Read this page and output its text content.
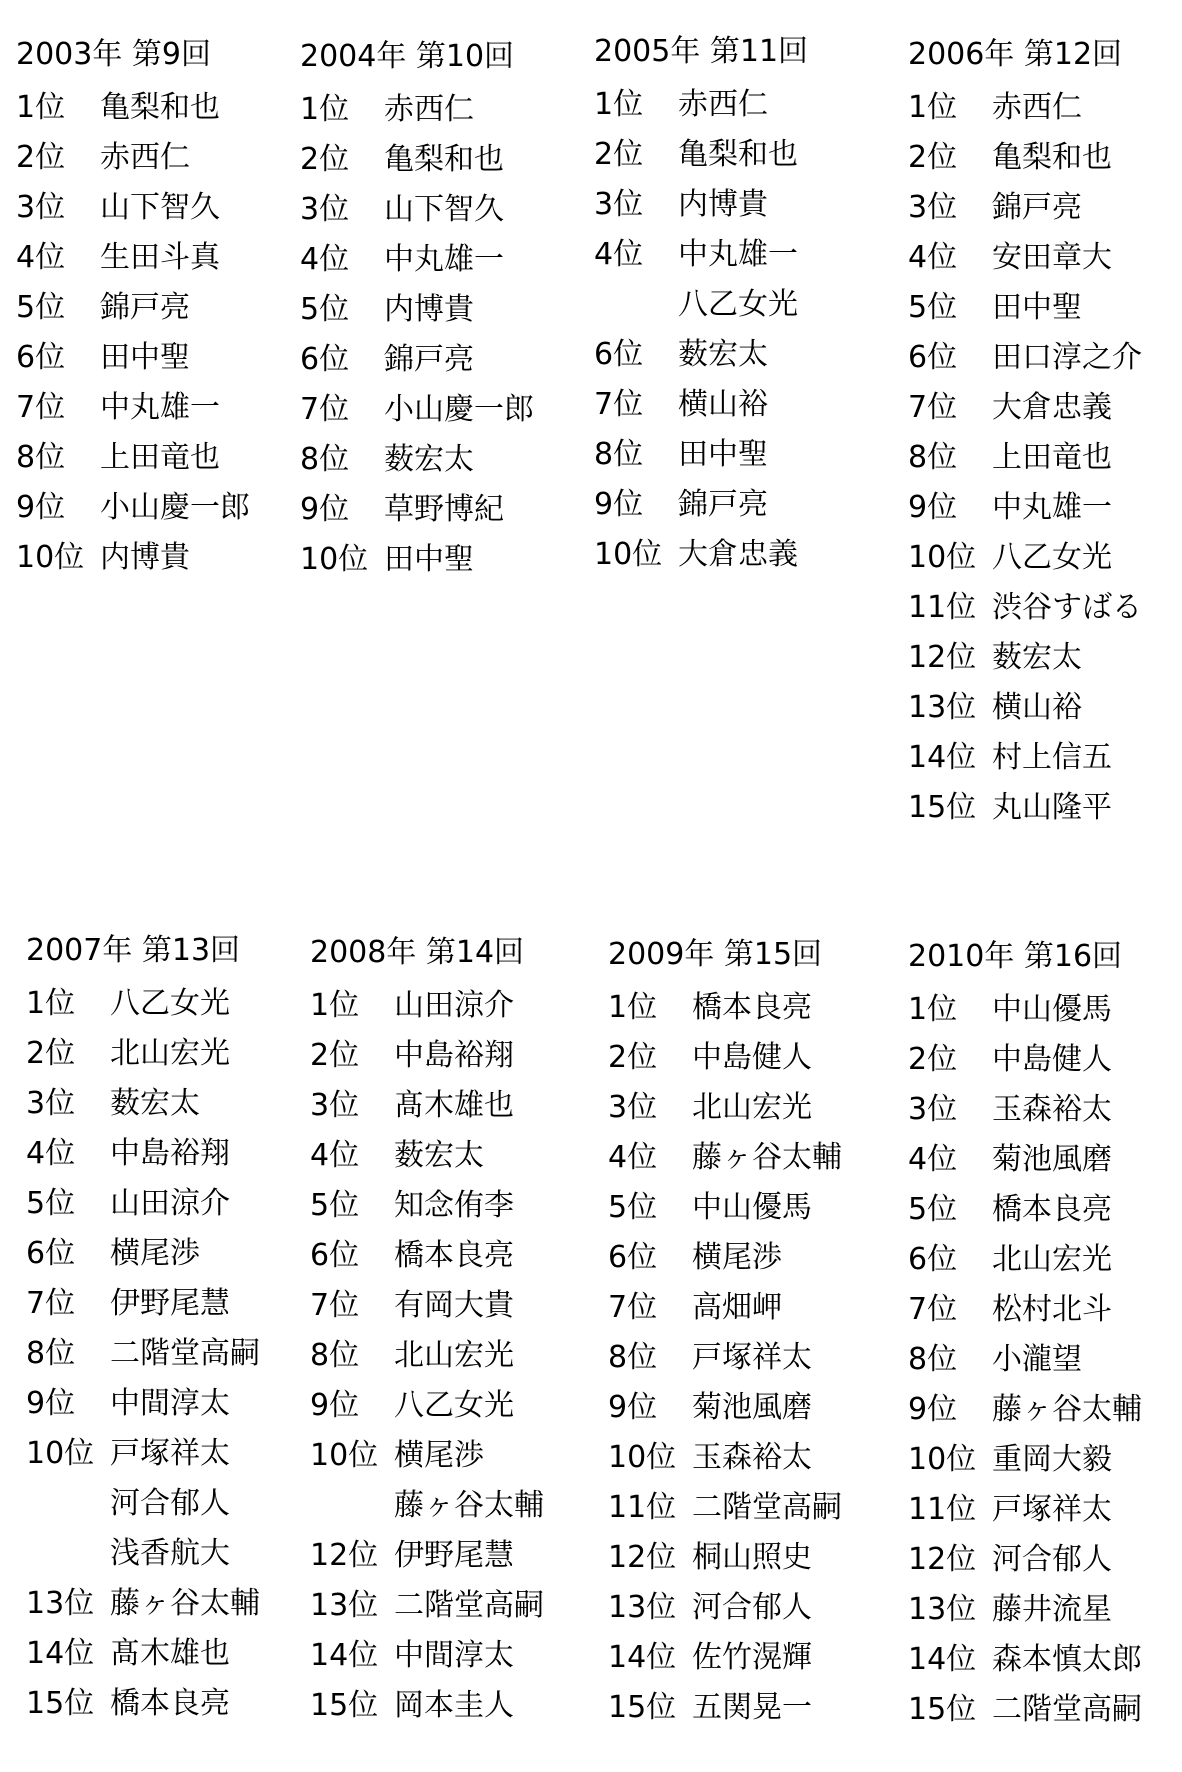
2003年 第9回
1位	亀梨和也
2位	赤西仁
3位	山下智久
4位	生田斗真
5位	錦戸亮
6位	田中聖
7位	中丸雄一
8位	上田竜也
9位	小山慶一郎
10位 内博貴
2004年 第10回
1位	赤西仁
2位	亀梨和也
3位	山下智久
4位	中丸雄一
5位	内博貴
6位	錦戸亮
7位	小山慶一郎
8位	薮宏太
9位	草野博紀
10位 田中聖
2005年 第11回
1位	赤西仁
2位	亀梨和也
3位	内博貴
4位	中丸雄一
八乙女光
6位	薮宏太
7位	横山裕
8位	田中聖
9位	錦戸亮
10位 大倉忠義
2006年 第12回
1位	赤西仁
2位	亀梨和也
3位	錦戸亮
4位	安田章大
5位	田中聖
6位	田口淳之介
7位	大倉忠義
8位	上田竜也
9位	中丸雄一
10位 八乙女光
11位 渋谷すばる
12位 薮宏太
13位 横山裕
14位 村上信五
15位 丸山隆平
2007年 第13回
1位	八乙女光
2位	北山宏光
3位	薮宏太
4位	中島裕翔
5位	山田涼介
6位	横尾渉
7位	伊野尾慧
8位	二階堂高嗣
9位	中間淳太
10位 戸塚祥太
河合郁人
浅香航大
13位 藤ヶ谷太輔
14位 髙木雄也
15位 橋本良亮
2008年 第14回
1位	山田涼介
2位	中島裕翔
3位	髙木雄也
4位	薮宏太
5位	知念侑李
6位	橋本良亮
7位	有岡大貴
8位	北山宏光
9位	八乙女光
10位 横尾渉
藤ヶ谷太輔
12位 伊野尾慧
13位 二階堂高嗣
14位 中間淳太
15位 岡本圭人
2009年 第15回
1位	橋本良亮
2位	中島健人
3位	北山宏光
4位	藤ヶ谷太輔
5位	中山優馬
6位	横尾渉
7位	高畑岬
8位	戸塚祥太
9位	菊池風磨
10位 玉森裕太
11位 二階堂高嗣
12位 桐山照史
13位 河合郁人
14位 佐竹滉輝
15位 五関晃一
2010年 第16回
1位	中山優馬
2位	中島健人
3位	玉森裕太
4位	菊池風磨
5位	橋本良亮
6位	北山宏光
7位	松村北斗
8位	小瀧望
9位	藤ヶ谷太輔
10位 重岡大毅
11位 戸塚祥太
12位 河合郁人
13位 藤井流星
14位 森本慎太郎
15位 二階堂高嗣
